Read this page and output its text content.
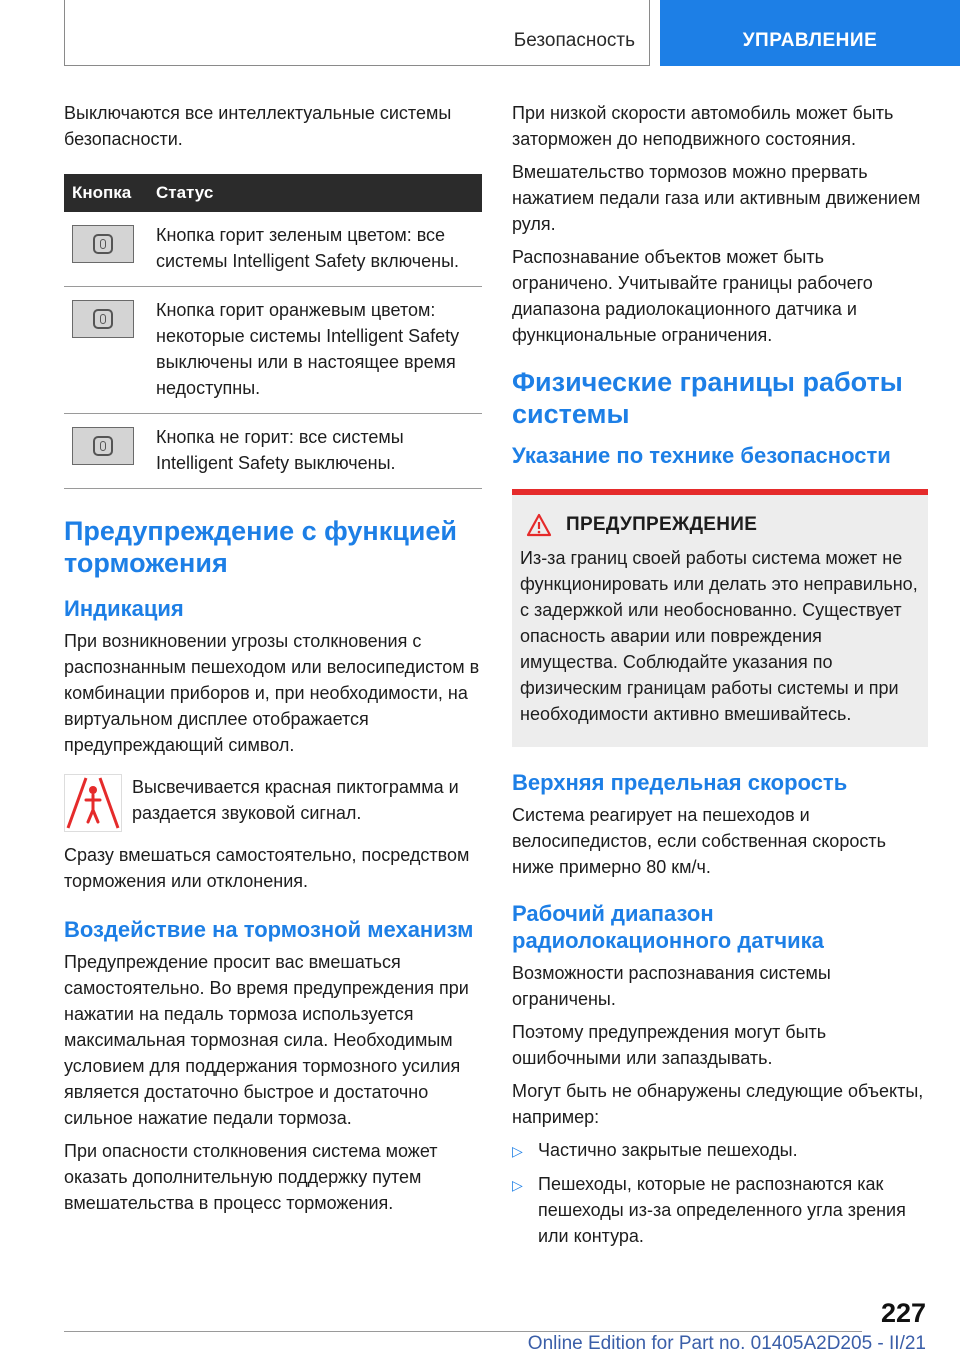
Безопасность	УПРАВЛЕНИЕ

Выключаются все интеллектуальные системы безопасности.

Кнопка	Статус
Кнопка горит зеленым цветом: все системы Intelligent Safety включены.
Кнопка горит оранжевым цветом: некоторые системы Intelligent Safety выключены или в настоящее время недоступны.
Кнопка не горит: все системы Intelligent Safety выключены.
Предупреждение с функцией торможения
Индикация

При возникновении угрозы столкновения с распознанным пешеходом или велосипедистом в комбинации приборов и, при необходимости, на виртуальном дисплее отображается предупреждающий символ.

Высвечивается красная пиктограмма и раздается звуковой сигнал.

Сразу вмешаться самостоятельно, посредством торможения или отклонения.

Воздействие на тормозной механизм

Предупреждение просит вас вмешаться самостоятельно. Во время предупреждения при нажатии на педаль тормоза используется максимальная тормозная сила. Необходимым условием для поддержания тормозного усилия является достаточно быстрое и достаточно сильное нажатие педали тормоза.

При опасности столкновения система может оказать дополнительную поддержку путем вмешательства в процесс торможения.

При низкой скорости автомобиль может быть заторможен до неподвижного состояния.

Вмешательство тормозов можно прервать нажатием педали газа или активным движением руля.

Распознавание объектов может быть ограничено. Учитывайте границы рабочего диапазона радиолокационного датчика и функциональные ограничения.

Физические границы работы системы
Указание по технике безопасности
ПРЕДУПРЕЖДЕНИЕ

Из-за границ своей работы система может не функционировать или делать это неправильно, с задержкой или необоснованно. Существует опасность аварии или повреждения имущества. Соблюдайте указания по физическим границам работы системы и при необходимости активно вмешивайтесь.

Верхняя предельная скорость

Система реагирует на пешеходов и велосипедистов, если собственная скорость ниже примерно 80 км/ч.

Рабочий диапазон радиолокационного датчика

Возможности распознавания системы ограничены.

Поэтому предупреждения могут быть ошибочными или запаздывать.

Могут быть не обнаружены следующие объекты, например:

▷ Частично закрытые пешеходы.
▷ Пешеходы, которые не распознаются как пешеходы из-за определенного угла зрения или контура.
227
Online Edition for Part no. 01405A2D205 - II/21
